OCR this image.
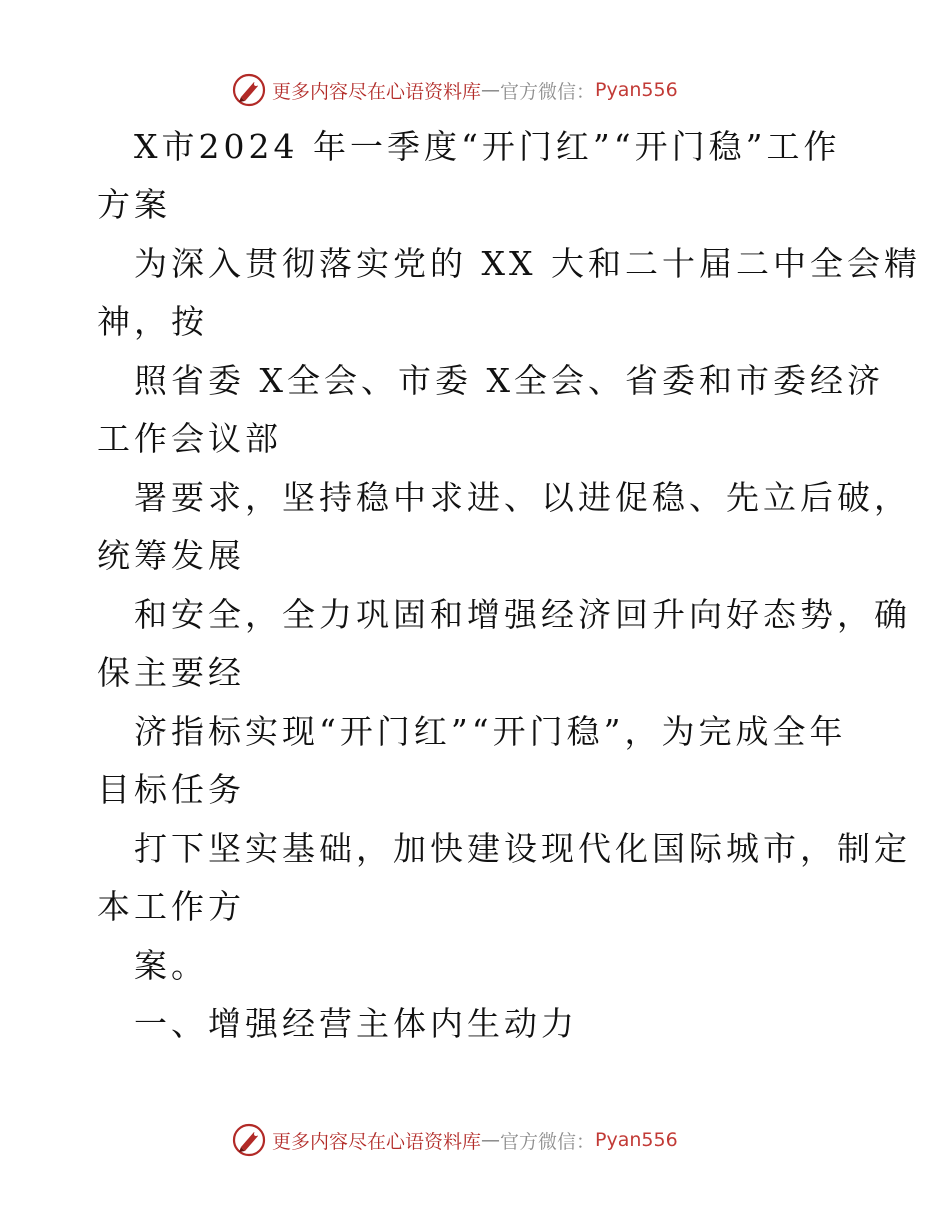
更多内容尽在心语资料库 — 官方微信： Pyan556
X市2024 年一季度“开门红”“开门稳”工作
方案
为深入贯彻落实党的 XX 大和二十届二中全会精
神，按
照省委 X全会、市委 X全会、省委和市委经济
工作会议部
署要求，坚持稳中求进、以进促稳、先立后破，
统筹发展
和安全，全力巩固和增强经济回升向好态势，确
保主要经
济指标实现“开门红”“开门稳”，为完成全年
目标任务
打下坚实基础，加快建设现代化国际城市，制定
本工作方
案。
一、增强经营主体内生动力
更多内容尽在心语资料库 — 官方微信： Pyan556
